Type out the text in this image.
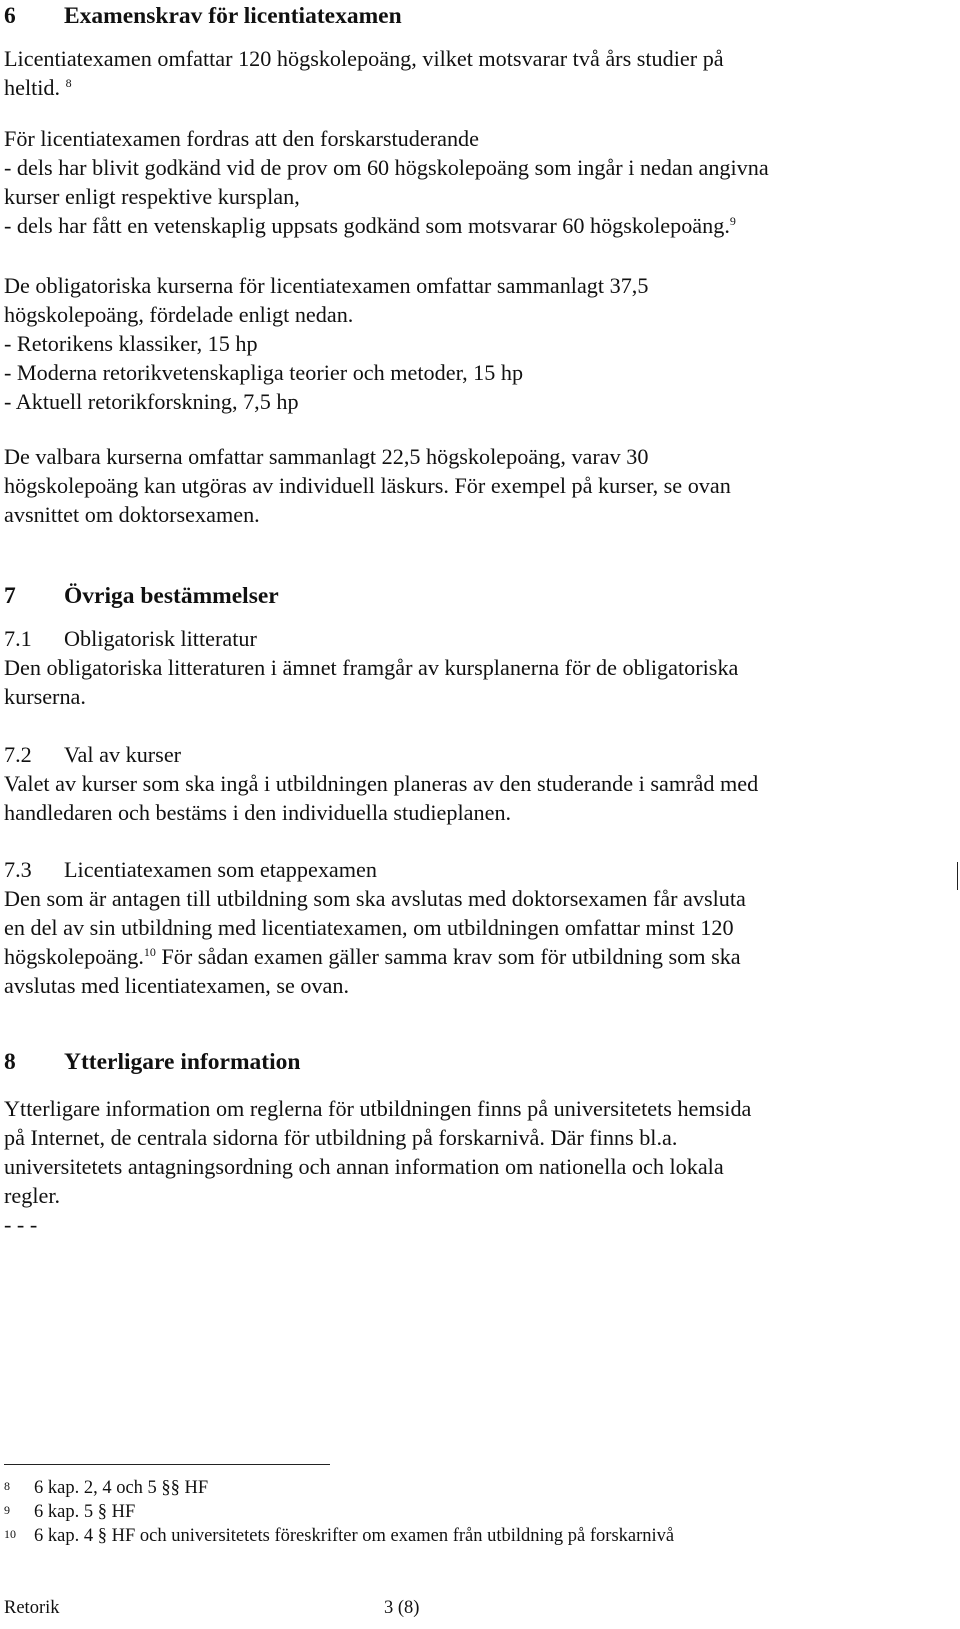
6 Examenskrav för licentiatexamen
Licentiatexamen omfattar 120 högskolepoäng, vilket motsvarar två års studier på
heltid. $^8$
För licentiatexamen fordras att den forskarstuderande
- dels har blivit godkänd vid de prov om 60 högskolepoäng som ingår i nedan angivna
kurser enligt respektive kursplan,
- dels har fått en vetenskaplig uppsats godkänd som motsvarar 60 högskolepoäng.$^9$
De obligatoriska kurserna för licentiatexamen omfattar sammanlagt 37,5
högskolepoäng, fördelade enligt nedan.
- Retorikens klassiker, 15 hp
- Moderna retorikvetenskapliga teorier och metoder, 15 hp
- Aktuell retorikforskning, 7,5 hp
De valbara kurserna omfattar sammanlagt 22,5 högskolepoäng, varav 30
högskolepoäng kan utgöras av individuell läskurs. För exempel på kurser, se ovan
avsnittet om doktorsexamen.
7 Övriga bestämmelser
7.1 Obligatorisk litteratur
Den obligatoriska litteraturen i ämnet framgår av kursplanerna för de obligatoriska
kurserna.
7.2 Val av kurser
Valet av kurser som ska ingå i utbildningen planeras av den studerande i samråd med
handledaren och bestäms i den individuella studieplanen.
7.3 Licentiatexamen som etappexamen
Den som är antagen till utbildning som ska avslutas med doktorsexamen får avsluta
en del av sin utbildning med licentiatexamen, om utbildningen omfattar minst 120
högskolepoäng.$^{10}$ För sådan examen gäller samma krav som för utbildning som ska
avslutas med licentiatexamen, se ovan.
8 Ytterligare information
Ytterligare information om reglerna för utbildningen finns på universitetets hemsida
på Internet, de centrala sidorna för utbildning på forskarnivå. Där finns bl.a.
universitetets antagningsordning och annan information om nationella och lokala
regler.
- - -
8 6 kap. 2, 4 och 5 §§ HF
9 6 kap. 5 § HF
10 6 kap. 4 § HF och universitetets föreskrifter om examen från utbildning på forskarnivå
Retorik	3 (8)
